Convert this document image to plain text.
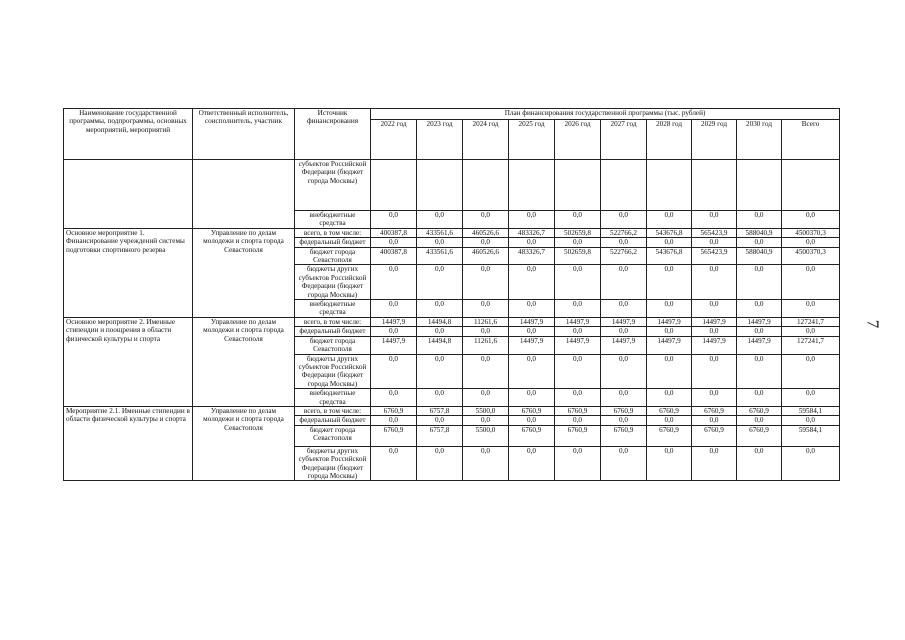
Наименование государственной программы, подпрограммы, основных мероприятий, мероприятий	Ответственный исполнитель, соисполнитель, участник	Источник финансирования	План финансирования государственной программы (тыс. рублей)									
			2022 год	2023 год	2024 год	2025 год	2026 год	2027 год	2028 год	2029 год	2030 год	Всего
		субъектов Российской Федерации (бюджет города Москвы)										
		внебюджетные средства	0,0	0,0	0,0	0,0	0,0	0,0	0,0	0,0	0,0	0,0
Основное мероприятие 1. Финансирование учреждений системы подготовки спортивного резерва	Управление по делам молодежи и спорта города Севастополя	всего, в том числе:	400387,8	433561,6	460526,6	483326,7	502659,8	522766,2	543676,8	565423,9	588040,9	4500370,3
		федеральный бюджет	0,0	0,0	0,0	0,0	0,0	0,0	0,0	0,0	0,0	0,0
		бюджет города Севастополя	400387,8	433561,6	460526,6	483326,7	502659,8	522766,2	543676,8	565423,9	588040,9	4500370,3
		бюджеты других субъектов Российской Федерации (бюджет города Москвы)	0,0	0,0	0,0	0,0	0,0	0,0	0,0	0,0	0,0	0,0
		внебюджетные средства	0,0	0,0	0,0	0,0	0,0	0,0	0,0	0,0	0,0	0,0
Основное мероприятие 2. Именные стипендии и поощрения в области физической культуры и спорта	Управление по делам молодежи и спорта города Севастополя	всего, в том числе:	14497,9	14494,8	11261,6	14497,9	14497,9	14497,9	14497,9	14497,9	14497,9	127241,7
		федеральный бюджет	0,0	0,0	0,0	0,0	0,0	0,0	0,0	0,0	0,0	0,0
		бюджет города Севастополя	14497,9	14494,8	11261,6	14497,9	14497,9	14497,9	14497,9	14497,9	14497,9	127241,7
		бюджеты других субъектов Российской Федерации (бюджет города Москвы)	0,0	0,0	0,0	0,0	0,0	0,0	0,0	0,0	0,0	0,0
		внебюджетные средства	0,0	0,0	0,0	0,0	0,0	0,0	0,0	0,0	0,0	0,0
Мероприятие 2.1. Именные стипендии в области физической культуры и спорта	Управление по делам молодежи и спорта города Севастополя	всего, в том числе:	6760,9	6757,8	5500,0	6760,9	6760,9	6760,9	6760,9	6760,9	6760,9	59584,1
		федеральный бюджет	0,0	0,0	0,0	0,0	0,0	0,0	0,0	0,0	0,0	0,0
		бюджет города Севастополя	6760,9	6757,8	5500,0	6760,9	6760,9	6760,9	6760,9	6760,9	6760,9	59584,1
		бюджеты других субъектов Российской Федерации (бюджет города Москвы)	0,0	0,0	0,0	0,0	0,0	0,0	0,0	0,0	0,0	0,0
7
